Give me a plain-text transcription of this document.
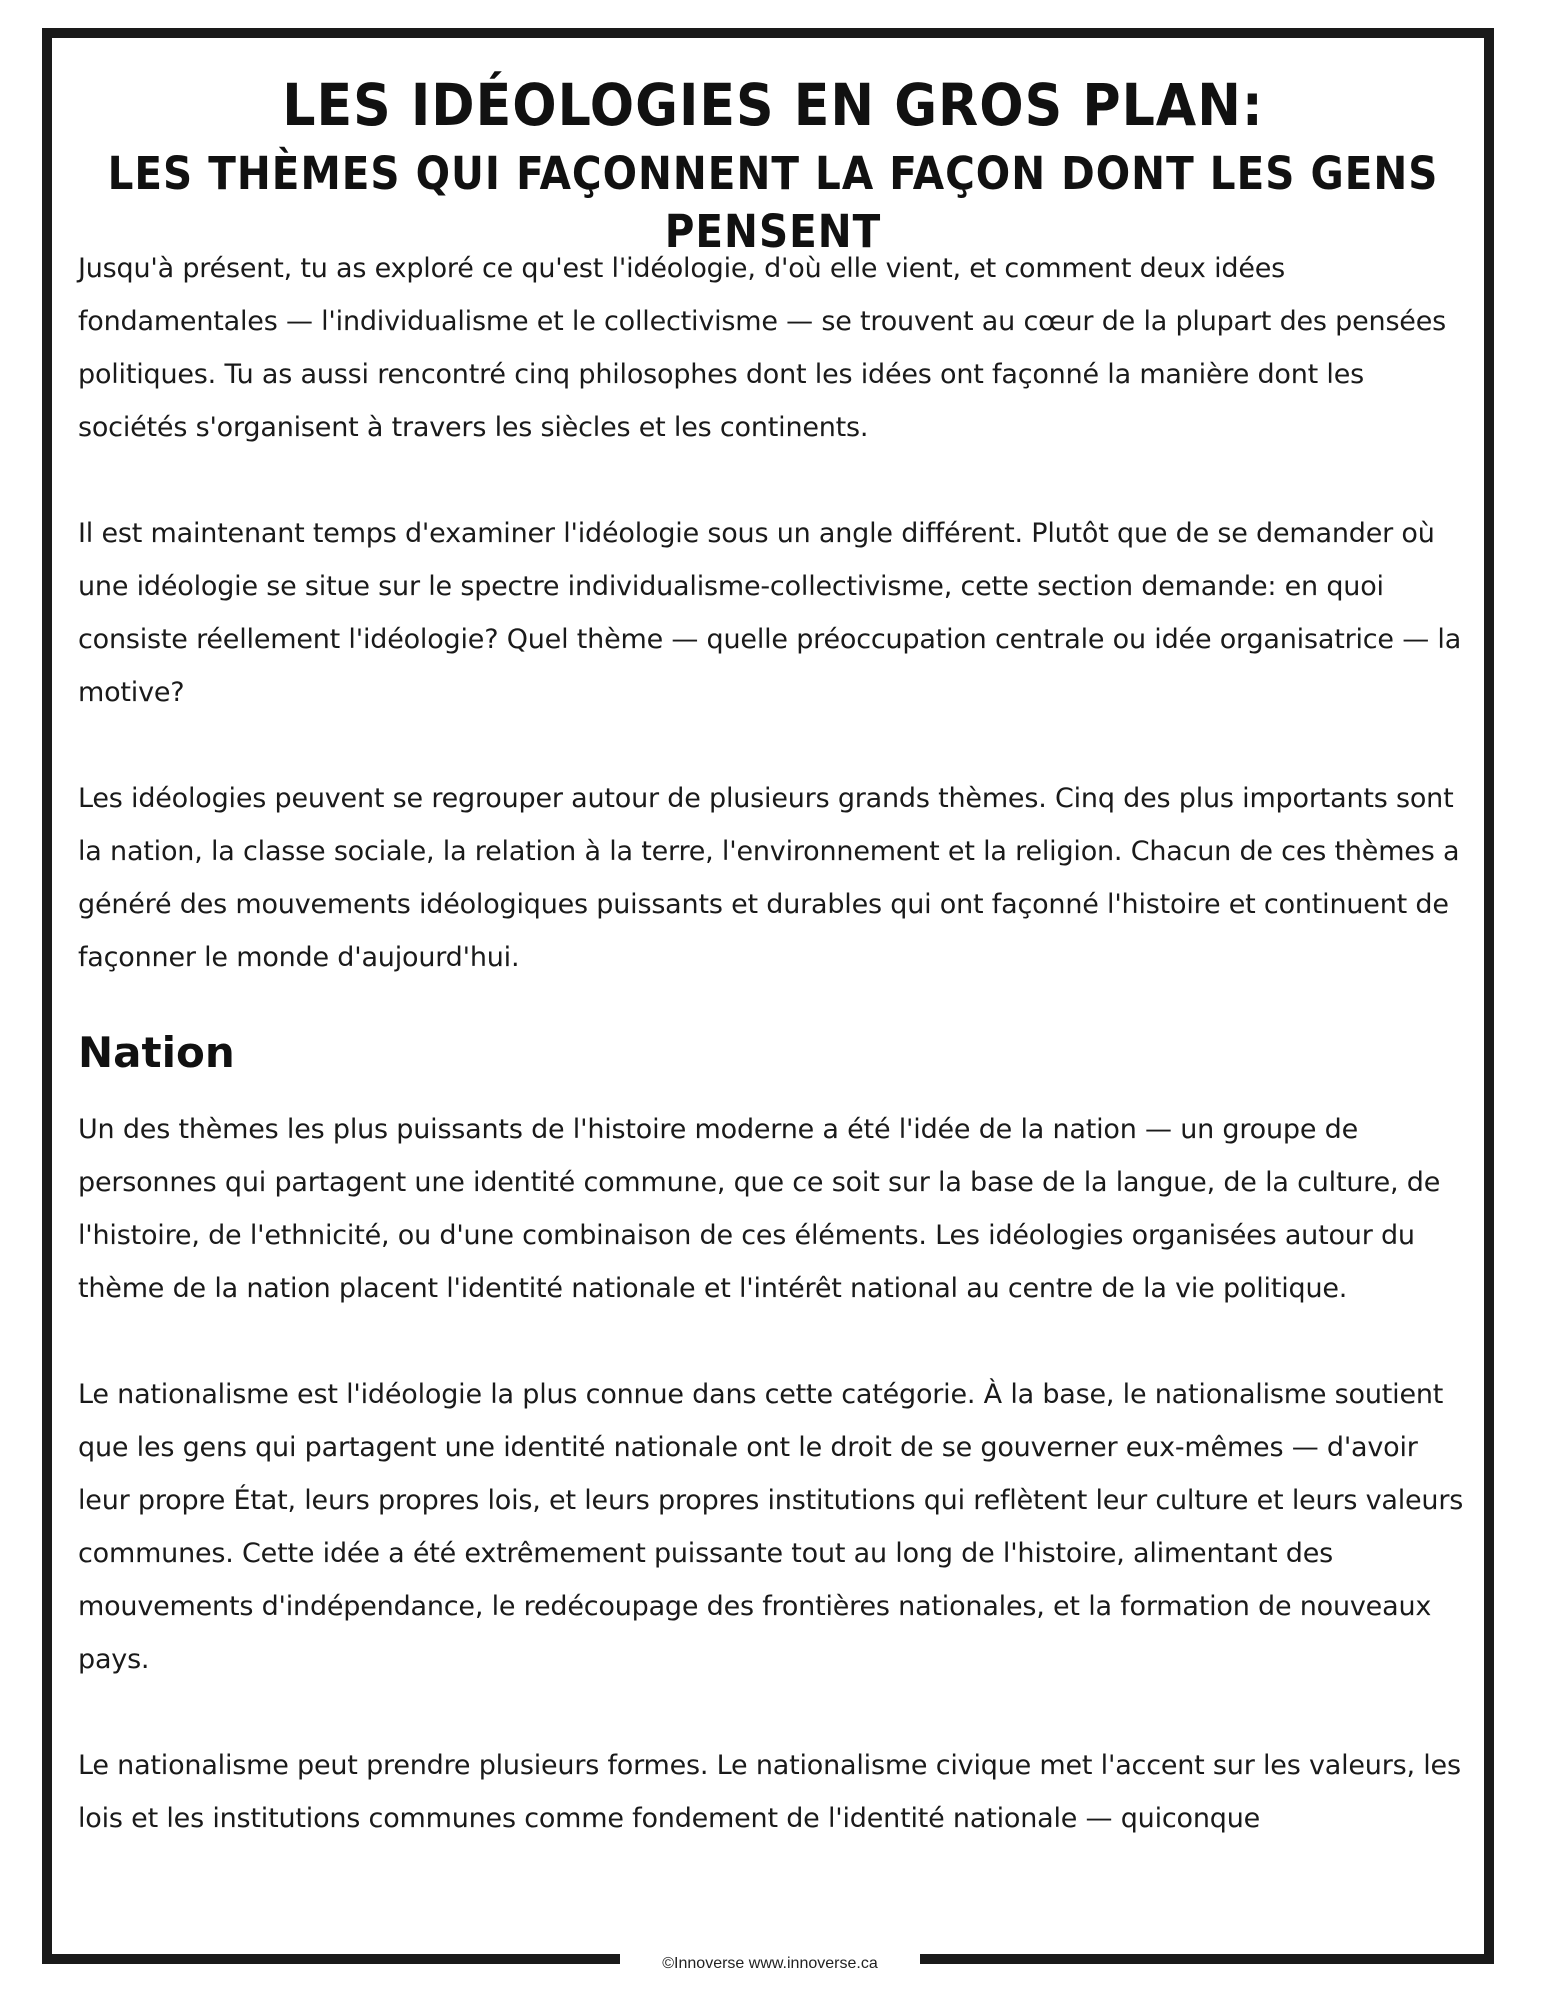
LES IDÉOLOGIES EN GROS PLAN:
LES THÈMES QUI FAÇONNENT LA FAÇON DONT LES GENS PENSENT

Jusqu'à présent, tu as exploré ce qu'est l'idéologie, d'où elle vient, et comment deux idées fondamentales — l'individualisme et le collectivisme — se trouvent au cœur de la plupart des pensées politiques. Tu as aussi rencontré cinq philosophes dont les idées ont façonné la manière dont les sociétés s'organisent à travers les siècles et les continents.

Il est maintenant temps d'examiner l'idéologie sous un angle différent. Plutôt que de se demander où une idéologie se situe sur le spectre individualisme-collectivisme, cette section demande: en quoi consiste réellement l'idéologie? Quel thème — quelle préoccupation centrale ou idée organisatrice — la motive?

Les idéologies peuvent se regrouper autour de plusieurs grands thèmes. Cinq des plus importants sont la nation, la classe sociale, la relation à la terre, l'environnement et la religion. Chacun de ces thèmes a généré des mouvements idéologiques puissants et durables qui ont façonné l'histoire et continuent de façonner le monde d'aujourd'hui.

Nation

Un des thèmes les plus puissants de l'histoire moderne a été l'idée de la nation — un groupe de personnes qui partagent une identité commune, que ce soit sur la base de la langue, de la culture, de l'histoire, de l'ethnicité, ou d'une combinaison de ces éléments. Les idéologies organisées autour du thème de la nation placent l'identité nationale et l'intérêt national au centre de la vie politique.

Le nationalisme est l'idéologie la plus connue dans cette catégorie. À la base, le nationalisme soutient que les gens qui partagent une identité nationale ont le droit de se gouverner eux-mêmes — d'avoir leur propre État, leurs propres lois, et leurs propres institutions qui reflètent leur culture et leurs valeurs communes. Cette idée a été extrêmement puissante tout au long de l'histoire, alimentant des mouvements d'indépendance, le redécoupage des frontières nationales, et la formation de nouveaux pays.

Le nationalisme peut prendre plusieurs formes. Le nationalisme civique met l'accent sur les valeurs, les lois et les institutions communes comme fondement de l'identité nationale — quiconque

©Innoverse www.innoverse.ca
